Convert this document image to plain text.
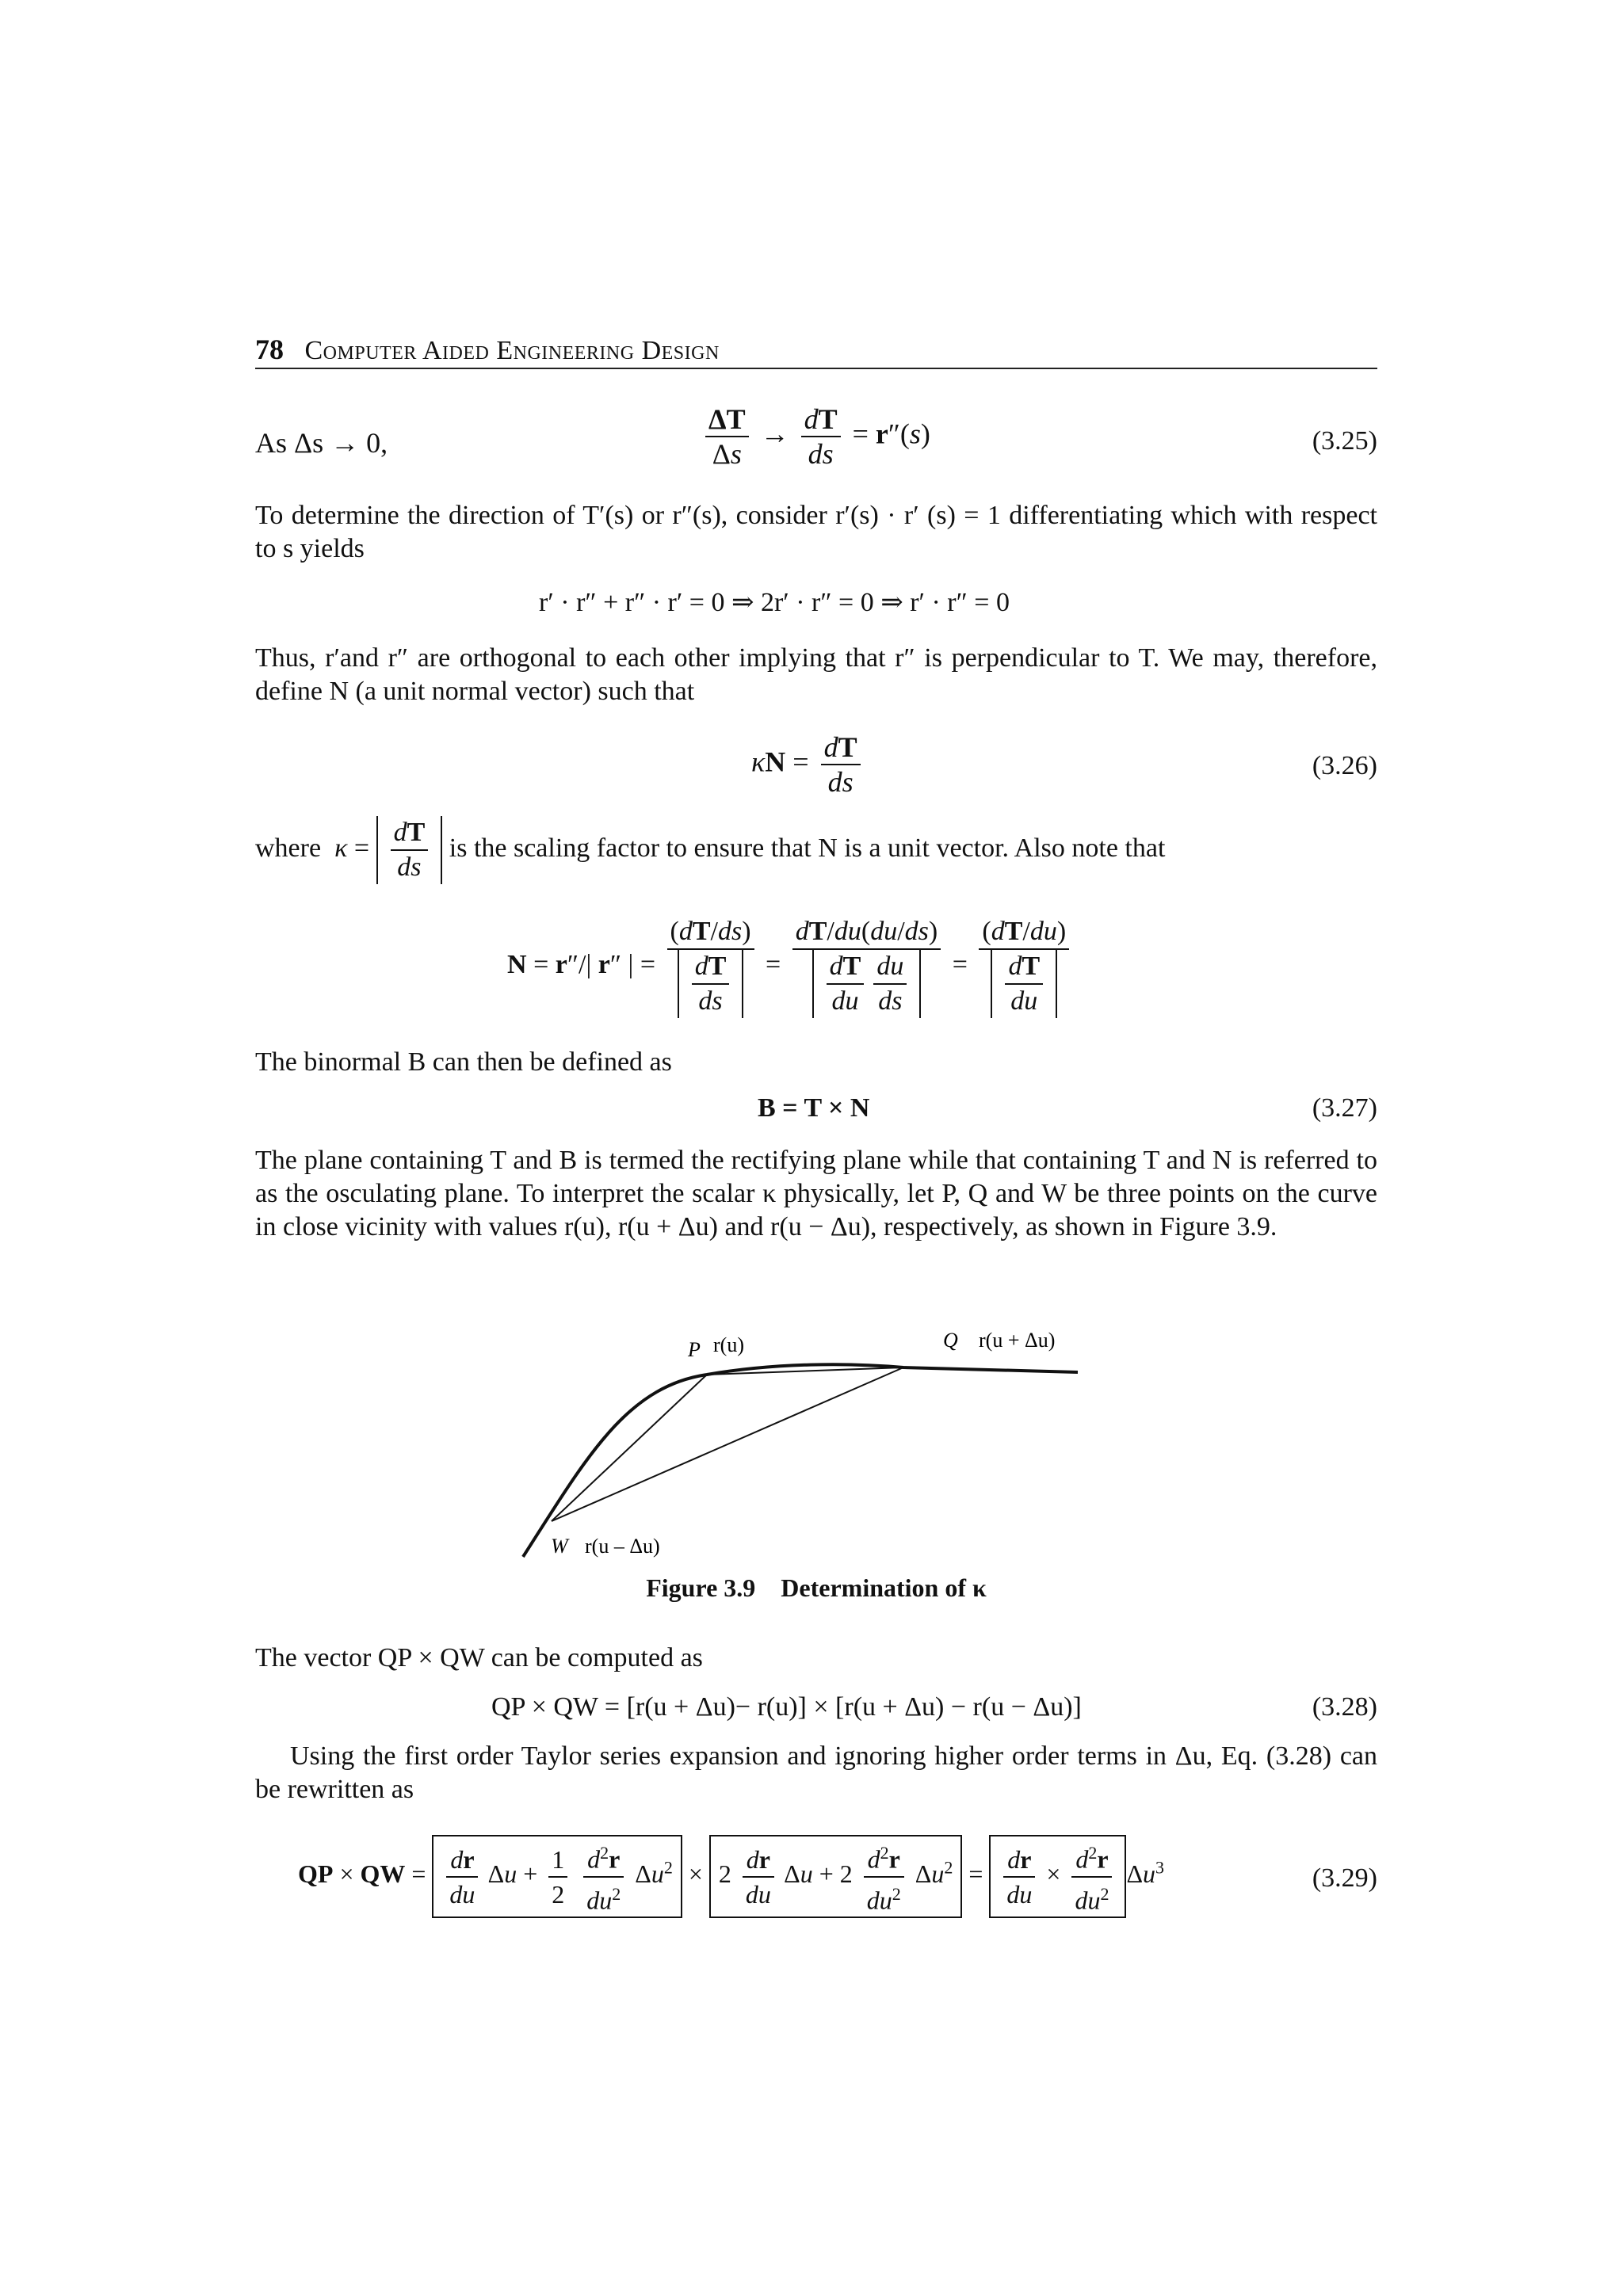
78 Computer Aided Engineering Design
As Δs → 0,	$\frac{\Delta T}{\Delta s} \to \frac{dT}{ds} = r''(s)$	(3.25)
To determine the direction of T′(s) or r″(s), consider r′(s) · r′ (s) = 1 differentiating which with respect to s yields
r′ · r″ + r″ · r′ = 0 ⇒ 2r′ · r″ = 0 ⇒ r′ · r″ = 0
Thus, r′and r″ are orthogonal to each other implying that r″ is perpendicular to T. We may, therefore, define N (a unit normal vector) such that
$\kappa N = \frac{dT}{ds}$	(3.26)
where $\kappa = \frac{dT}{ds}$ is the scaling factor to ensure that N is a unit vector. Also note that
N = r″/| r″ | = $\frac{(dT/ds)}{\frac{dT}{ds}} = \frac{dT/du(du/ds)}{\frac{dT}{du} \frac{du}{ds}} = \frac{(dT/du)}{\frac{dT}{du}}$
The binormal B can then be defined as
B = T × N	(3.27)
The plane containing T and B is termed the rectifying plane while that containing T and N is referred to as the osculating plane. To interpret the scalar κ physically, let P, Q and W be three points on the curve in close vicinity with values r(u), r(u + Δu) and r(u − Δu), respectively, as shown in Figure 3.9.
P r(u)	Q r(u + Δu)
W r(u – Δu)
Figure 3.9 Determination of κ
The vector QP × QW can be computed as
QP × QW = [r(u + Δu)− r(u)] × [r(u + Δu) − r(u − Δu)]	(3.28)
Using the first order Taylor series expansion and ignoring higher order terms in Δu, Eq. (3.28) can be rewritten as
QP × QW = $\frac{dr}{du}$ $\Delta u + \frac{1}{2}$
$\frac{d^2r}{du^2} \Delta u^2 \times 2 \frac{dr}{du}$ $\Delta u + 2 \frac{d^2r}{du^2} \Delta u^2 = \frac{dr}{du} \times \frac{d^2r}{du^2} \Delta u^3$	(3.29)
